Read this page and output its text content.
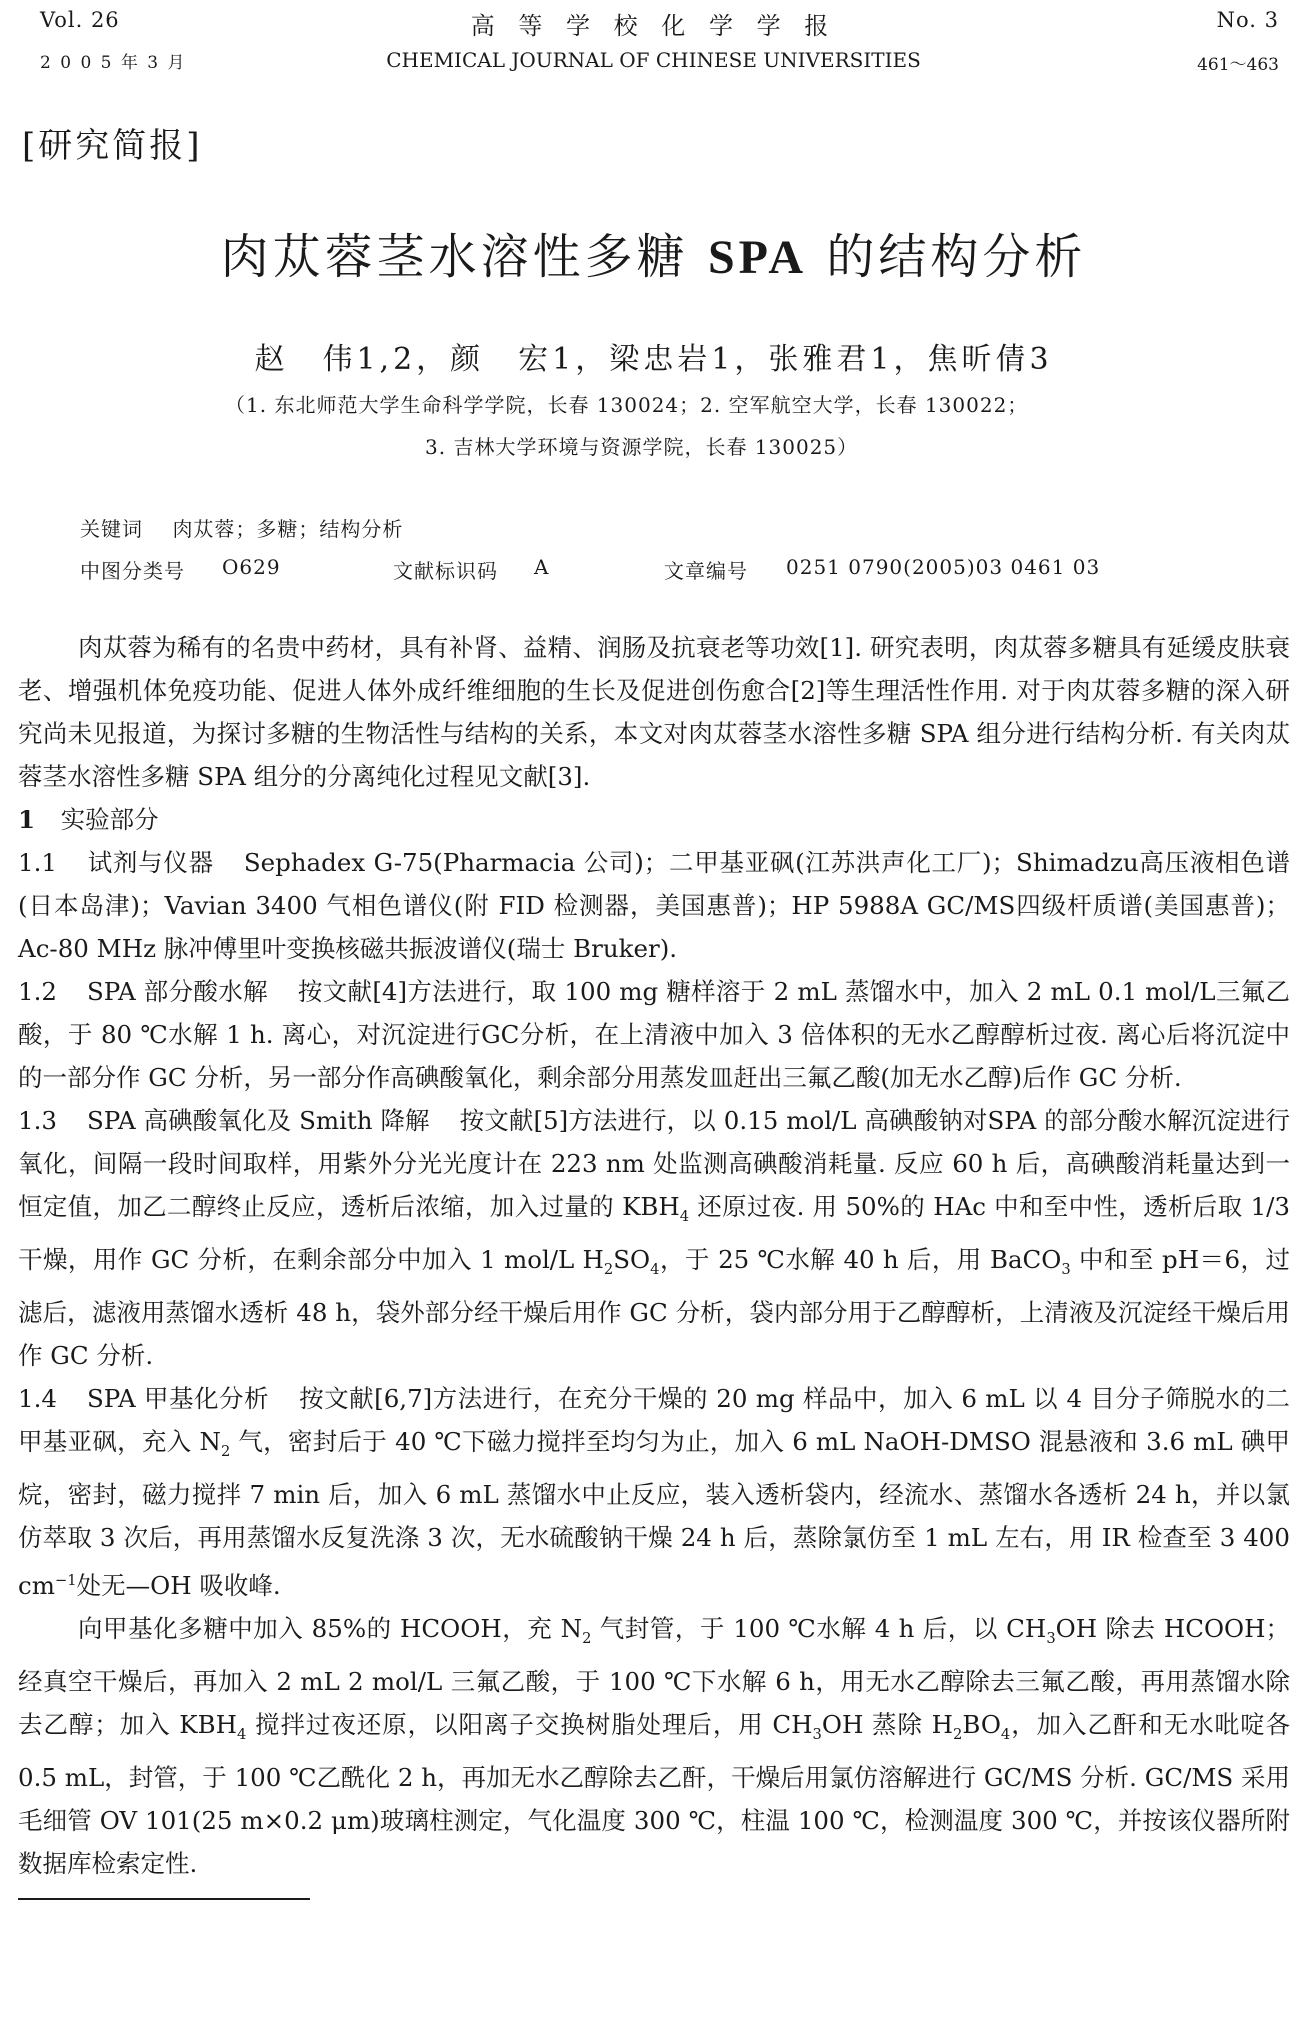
Vol. 26
2 0 0 5 年 3 月
高 等 学 校 化 学 学 报
CHEMICAL JOURNAL OF CHINESE UNIVERSITIES
No. 3
461～463
[研究简报]
肉苁蓉茎水溶性多糖 SPA 的结构分析
赵　伟1,2，颜　宏1，梁忠岩1，张雅君1，焦昕倩3
（1. 东北师范大学生命科学学院，长春 130024；2. 空军航空大学，长春 130022；
3. 吉林大学环境与资源学院，长春 130025）
关键词 肉苁蓉；多糖；结构分析
中图分类号 O629	文献标识码 A	文章编号 0251 0790(2005)03 0461 03

肉苁蓉为稀有的名贵中药材，具有补肾、益精、润肠及抗衰老等功效[1]. 研究表明，肉苁蓉多糖具有延缓皮肤衰老、增强机体免疫功能、促进人体外成纤维细胞的生长及促进创伤愈合[2]等生理活性作用. 对于肉苁蓉多糖的深入研究尚未见报道，为探讨多糖的生物活性与结构的关系，本文对肉苁蓉茎水溶性多糖 SPA 组分进行结构分析. 有关肉苁蓉茎水溶性多糖 SPA 组分的分离纯化过程见文献[3].

1 实验部分

1.1 试剂与仪器 Sephadex G-75(Pharmacia 公司)；二甲基亚砜(江苏洪声化工厂)；Shimadzu高压液相色谱(日本岛津)；Vavian 3400 气相色谱仪(附 FID 检测器，美国惠普)；HP 5988A GC/MS四级杆质谱(美国惠普)；Ac-80 MHz 脉冲傅里叶变换核磁共振波谱仪(瑞士 Bruker).

1.2 SPA 部分酸水解 按文献[4]方法进行，取 100 mg 糖样溶于 2 mL 蒸馏水中，加入 2 mL 0.1 mol/L三氟乙酸，于 80 ℃水解 1 h. 离心，对沉淀进行GC分析，在上清液中加入 3 倍体积的无水乙醇醇析过夜. 离心后将沉淀中的一部分作 GC 分析，另一部分作高碘酸氧化，剩余部分用蒸发皿赶出三氟乙酸(加无水乙醇)后作 GC 分析.

1.3 SPA 高碘酸氧化及 Smith 降解 按文献[5]方法进行，以 0.15 mol/L 高碘酸钠对SPA 的部分酸水解沉淀进行氧化，间隔一段时间取样，用紫外分光光度计在 223 nm 处监测高碘酸消耗量. 反应 60 h 后，高碘酸消耗量达到一恒定值，加乙二醇终止反应，透析后浓缩，加入过量的 $KBH_4$ 还原过夜. 用 50%的 HAc 中和至中性，透析后取 1/3 干燥，用作 GC 分析，在剩余部分中加入 1 mol/L $H_2SO_4$，于 25 ℃水解 40 h 后，用 BaCO$_3$ 中和至 pH＝6，过滤后，滤液用蒸馏水透析 48 h，袋外部分经干燥后用作 GC 分析，袋内部分用于乙醇醇析，上清液及沉淀经干燥后用作 GC 分析.

1.4 SPA 甲基化分析 按文献[6,7]方法进行，在充分干燥的 20 mg 样品中，加入 6 mL 以 4 目分子筛脱水的二甲基亚砜，充入 $N_2$ 气，密封后于 40 ℃下磁力搅拌至均匀为止，加入 6 mL NaOH-DMSO 混悬液和 3.6 mL 碘甲烷，密封，磁力搅拌 7 min 后，加入 6 mL 蒸馏水中止反应，装入透析袋内，经流水、蒸馏水各透析 24 h，并以氯仿萃取 3 次后，再用蒸馏水反复洗涤 3 次，无水硫酸钠干燥 24 h 后，蒸除氯仿至 1 mL 左右，用 IR 检查至 3 400 $cm^{-1}$处无—OH 吸收峰.

向甲基化多糖中加入 85%的 HCOOH，充 $N_2$ 气封管，于 100 ℃水解 4 h 后，以 $CH_3OH$ 除去 HCOOH；经真空干燥后，再加入 2 mL 2 mol/L 三氟乙酸，于 100 ℃下水解 6 h，用无水乙醇除去三氟乙酸，再用蒸馏水除去乙醇；加入 $KBH_4$ 搅拌过夜还原，以阳离子交换树脂处理后，用 $CH_3OH$ 蒸除 $H_2BO_4$，加入乙酐和无水吡啶各 0.5 mL，封管，于 100 ℃乙酰化 2 h，再加无水乙醇除去乙酐，干燥后用氯仿溶解进行 GC/MS 分析. GC/MS 采用毛细管 OV 101(25 m×0.2 μm)玻璃柱测定，气化温度 300 ℃，柱温 100 ℃，检测温度 300 ℃，并按该仪器所附数据库检索定性.
